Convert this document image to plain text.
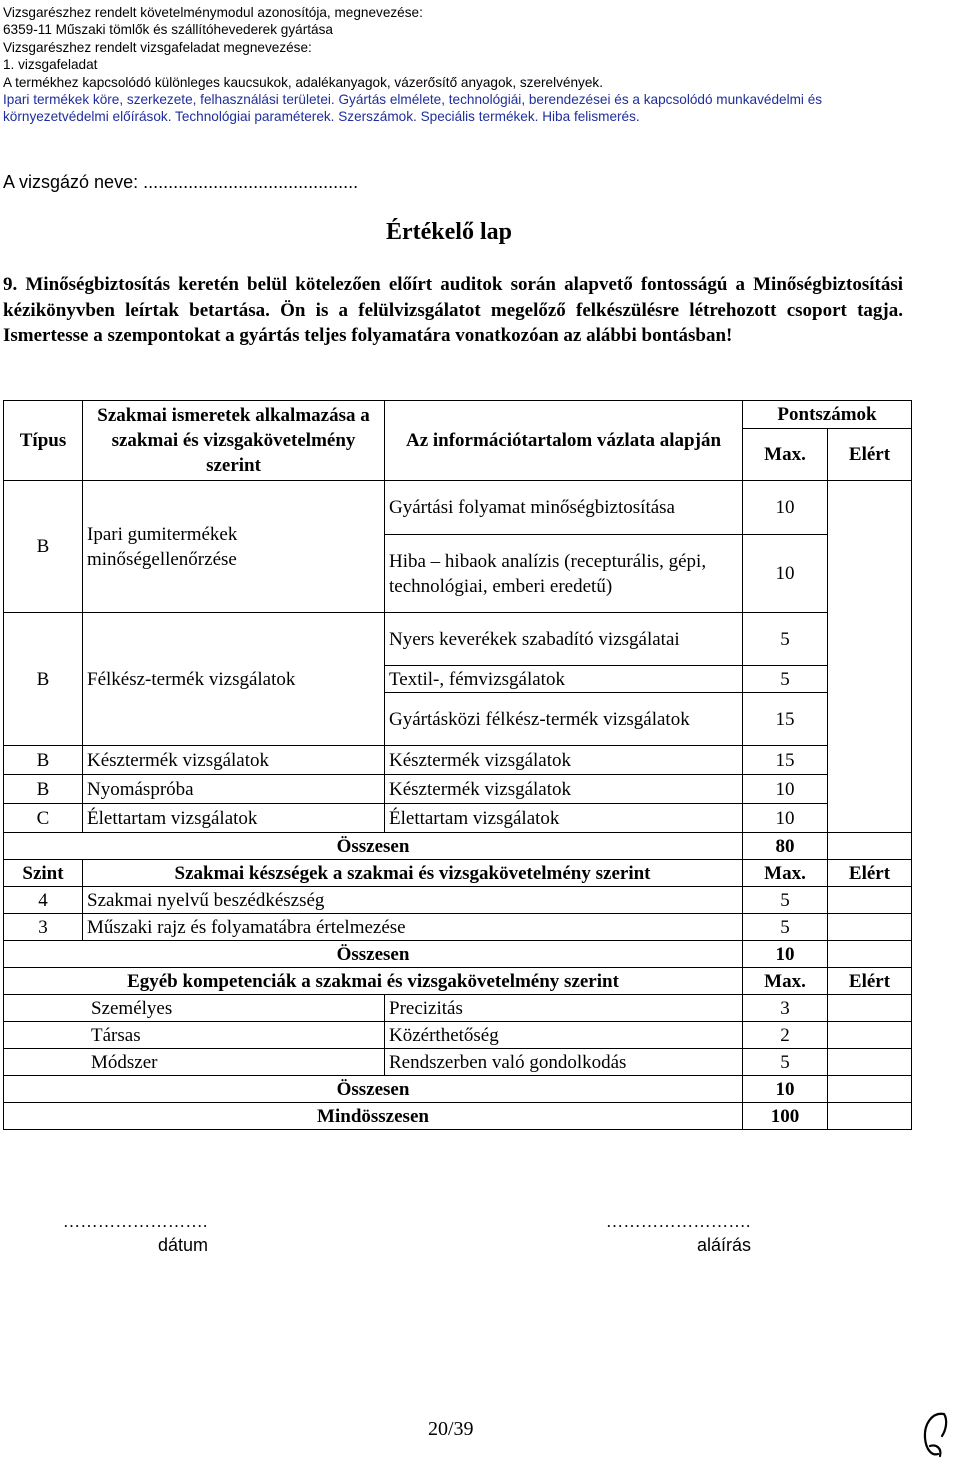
Vizsgarészhez rendelt követelménymodul azonosítója, megnevezése:
6359-11 Műszaki tömlők és szállítóhevederek gyártása
Vizsgarészhez rendelt vizsgafeladat megnevezése:
1. vizsgafeladat
A termékhez kapcsolódó különleges kaucsukok, adalékanyagok, vázerősítő anyagok, szerelvények.
Ipari termékek köre, szerkezete, felhasználási területei. Gyártás elmélete, technológiái, berendezései és a kapcsolódó munkavédelmi és
környezetvédelmi előírások. Technológiai paraméterek. Szerszámok. Speciális termékek. Hiba felismerés.
A vizsgázó neve: ...........................................
Értékelő lap
9. Minőségbiztosítás keretén belül kötelezően előírt auditok során alapvető fontosságú a Minőségbiztosítási kézikönyvben leírtak betartása. Ön is a felülvizsgálatot megelőző felkészülésre létrehozott csoport tagja. Ismertesse a szempontokat a gyártás teljes folyamatára vonatkozóan az alábbi bontásban!
Típus	Szakmai ismeretek alkalmazása a szakmai és vizsgakövetelmény szerint	Az információtartalom vázlata alapján	Pontszámok	
			Max.	Elért
B	Ipari gumitermékek minőségellenőrzése	Gyártási folyamat minőségbiztosítása	10	
		Hiba – hibaok analízis (recepturális, gépi, technológiai, emberi eredetű)	10	
B	Félkész-termék vizsgálatok	Nyers keverékek szabadító vizsgálatai	5	
		Textil-, fémvizsgálatok	5	
		Gyártásközi félkész-termék vizsgálatok	15	
B	Késztermék vizsgálatok	Késztermék vizsgálatok	15	
B	Nyomáspróba	Késztermék vizsgálatok	10	
C	Élettartam vizsgálatok	Élettartam vizsgálatok	10	
Összesen			80	
Szint	Szakmai készségek a szakmai és vizsgakövetelmény szerint		Max.	Elért
4	Szakmai nyelvű beszédkészség		5	
3	Műszaki rajz és folyamatábra értelmezése		5	
Összesen			10	
Egyéb kompetenciák a szakmai és vizsgakövetelmény szerint			Max.	Elért
Személyes		Precizitás	3	
Társas		Közérthetőség	2	
Módszer		Rendszerben való gondolkodás	5	
Összesen			10	
Mindösszesen			100	
…………………….
dátum
…………………….
aláírás
20/39
